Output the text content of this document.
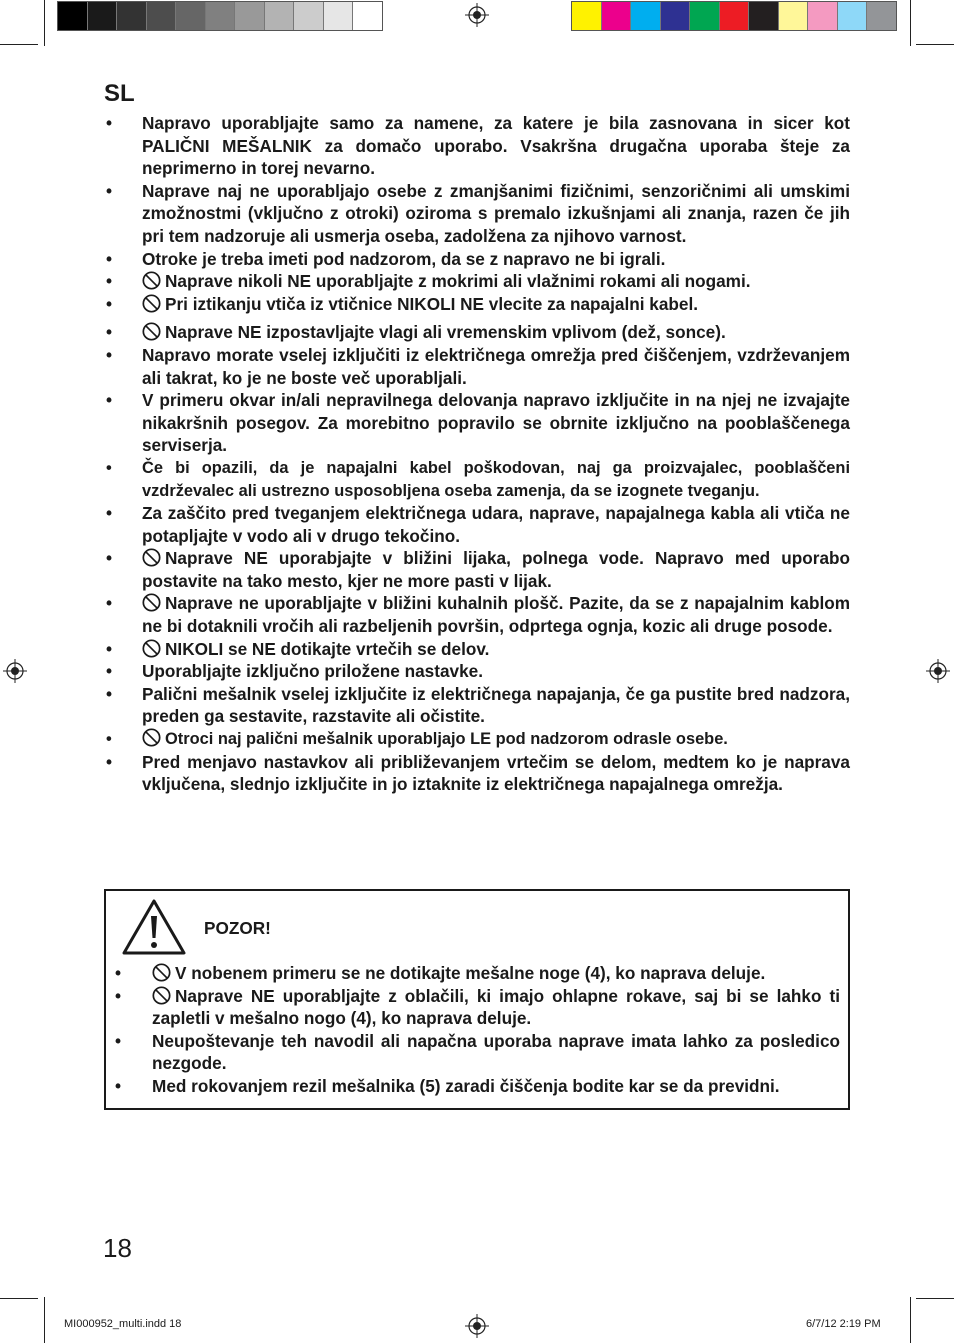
SL
• Napravo uporabljajte samo za namene, za katere je bila zasnovana in sicer kot PALIČNI MEŠALNIK za domačo uporabo. Vsakršna drugačna uporaba šteje za neprimerno in torej nevarno.
• Naprave naj ne uporabljajo osebe z zmanjšanimi fizičnimi, senzoričnimi ali umskimi zmožnostmi (vključno z otroki) oziroma s premalo izkušnjami ali znanja, razen če jih pri tem nadzoruje ali usmerja oseba, zadolžena za njihovo varnost.
• Otroke je treba imeti pod nadzorom, da se z napravo ne bi igrali.
• Naprave nikoli NE uporabljajte z mokrimi ali vlažnimi rokami ali nogami.
• Pri iztikanju vtiča iz vtičnice NIKOLI NE vlecite za napajalni kabel.
• Naprave NE izpostavljajte vlagi ali vremenskim vplivom (dež, sonce).
• Napravo morate vselej izključiti iz električnega omrežja pred čiščenjem, vzdrževanjem ali takrat, ko je ne boste več uporabljali.
• V primeru okvar in/ali nepravilnega delovanja napravo izključite in na njej ne izvajajte nikakršnih posegov. Za morebitno popravilo se obrnite izključno na pooblaščenega serviserja.
• Če bi opazili, da je napajalni kabel poškodovan, naj ga proizvajalec, pooblaščeni vzdrževalec ali ustrezno usposobljena oseba zamenja, da se izognete tveganju.
• Za zaščito pred tveganjem električnega udara, naprave, napajalnega kabla ali vtiča ne potapljajte v vodo ali v drugo tekočino.
• Naprave NE uporabjajte v bližini lijaka, polnega vode. Napravo med uporabo postavite na tako mesto, kjer ne more pasti v lijak.
• Naprave ne uporabljajte v bližini kuhalnih plošč. Pazite, da se z napajalnim kablom ne bi dotaknili vročih ali razbeljenih površin, odprtega ognja, kozic ali druge posode.
• NIKOLI se NE dotikajte vrtečih se delov.
• Uporabljajte izključno priložene nastavke.
• Palični mešalnik vselej izključite iz električnega napajanja, če ga pustite bred nadzora, preden ga sestavite, razstavite ali očistite.
• Otroci naj palični mešalnik uporabljajo LE pod nadzorom odrasle osebe.
• Pred menjavo nastavkov ali približevanjem vrtečim se delom, medtem ko je naprava vključena, slednjo izključite in jo iztaknite iz električnega napajalnega omrežja.
POZOR!
• V nobenem primeru se ne dotikajte mešalne noge (4), ko naprava deluje.
• Naprave NE uporabljajte z oblačili, ki imajo ohlapne rokave, saj bi se lahko ti zapletli v mešalno nogo (4), ko naprava deluje.
• Neupoštevanje teh navodil ali napačna uporaba naprave imata lahko za posledico nezgode.
• Med rokovanjem rezil mešalnika (5) zaradi čiščenja bodite kar se da previdni.
18
MI000952_multi.indd 18	6/7/12 2:19 PM
